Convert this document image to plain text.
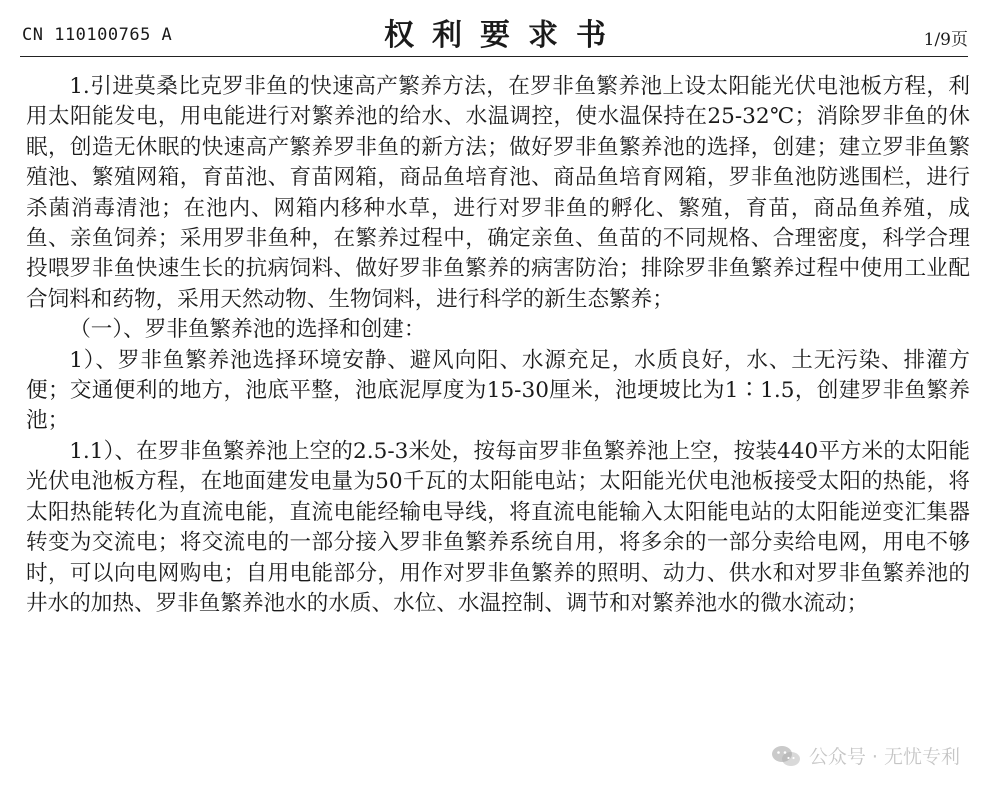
CN 110100765 A	权利要求书	1/9页

1.引进莫桑比克罗非鱼的快速高产繁养方法，在罗非鱼繁养池上设太阳能光伏电池板方程，利用太阳能发电，用电能进行对繁养池的给水、水温调控，使水温保持在25-32℃；消除罗非鱼的休眠，创造无休眠的快速高产繁养罗非鱼的新方法；做好罗非鱼繁养池的选择，创建；建立罗非鱼繁殖池、繁殖网箱，育苗池、育苗网箱，商品鱼培育池、商品鱼培育网箱，罗非鱼池防逃围栏，进行杀菌消毒清池；在池内、网箱内移种水草，进行对罗非鱼的孵化、繁殖，育苗，商品鱼养殖，成鱼、亲鱼饲养；采用罗非鱼种，在繁养过程中，确定亲鱼、鱼苗的不同规格、合理密度，科学合理投喂罗非鱼快速生长的抗病饲料、做好罗非鱼繁养的病害防治；排除罗非鱼繁养过程中使用工业配合饲料和药物，采用天然动物、生物饲料，进行科学的新生态繁养；

（一）、罗非鱼繁养池的选择和创建：

1）、罗非鱼繁养池选择环境安静、避风向阳、水源充足，水质良好，水、土无污染、排灌方便；交通便利的地方，池底平整，池底泥厚度为15-30厘米，池埂坡比为1∶1.5，创建罗非鱼繁养池；

1.1）、在罗非鱼繁养池上空的2.5-3米处，按每亩罗非鱼繁养池上空，按装440平方米的太阳能光伏电池板方程，在地面建发电量为50千瓦的太阳能电站；太阳能光伏电池板接受太阳的热能，将太阳热能转化为直流电能，直流电能经输电导线，将直流电能输入太阳能电站的太阳能逆变汇集器转变为交流电；将交流电的一部分接入罗非鱼繁养系统自用，将多余的一部分卖给电网，用电不够时，可以向电网购电；自用电能部分，用作对罗非鱼繁养的照明、动力、供水和对罗非鱼繁养池的井水的加热、罗非鱼繁养池水的水质、水位、水温控制、调节和对繁养池水的微水流动；

公众号 · 无忧专利
